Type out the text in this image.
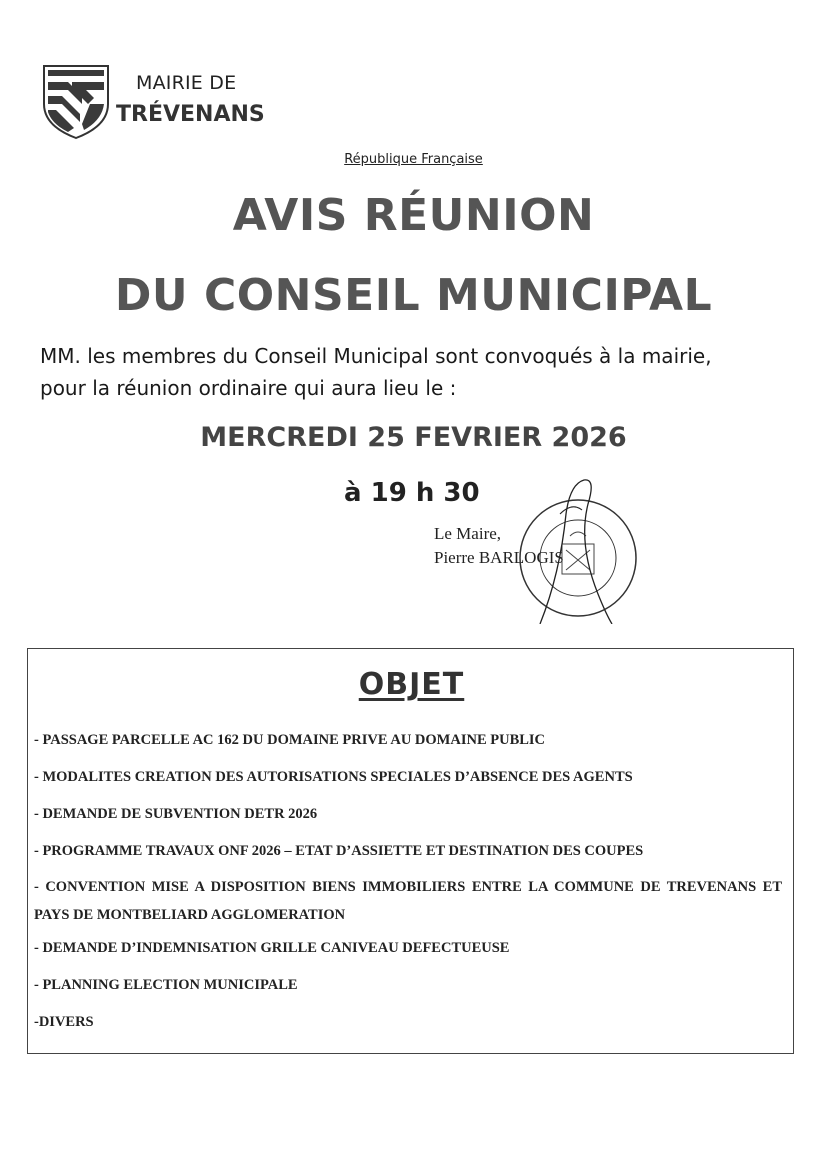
MAIRIE DE
TRÉVENANS
République Française
AVIS RÉUNION
DU CONSEIL MUNICIPAL
MM. les membres du Conseil Municipal sont convoqués à la mairie,
pour la réunion ordinaire qui aura lieu le :
MERCREDI 25 FEVRIER 2026
à 19 h 30
Le Maire,
Pierre BARLOGIS
OBJET
- PASSAGE PARCELLE AC 162 DU DOMAINE PRIVE AU DOMAINE PUBLIC
- MODALITES CREATION DES AUTORISATIONS SPECIALES D’ABSENCE DES AGENTS
- DEMANDE DE SUBVENTION DETR 2026
- PROGRAMME TRAVAUX ONF 2026 – ETAT D’ASSIETTE ET DESTINATION DES COUPES
- CONVENTION MISE A DISPOSITION BIENS IMMOBILIERS ENTRE LA COMMUNE DE TREVENANS ET PAYS DE MONTBELIARD AGGLOMERATION
- DEMANDE D’INDEMNISATION GRILLE CANIVEAU DEFECTUEUSE
- PLANNING ELECTION MUNICIPALE
-DIVERS
